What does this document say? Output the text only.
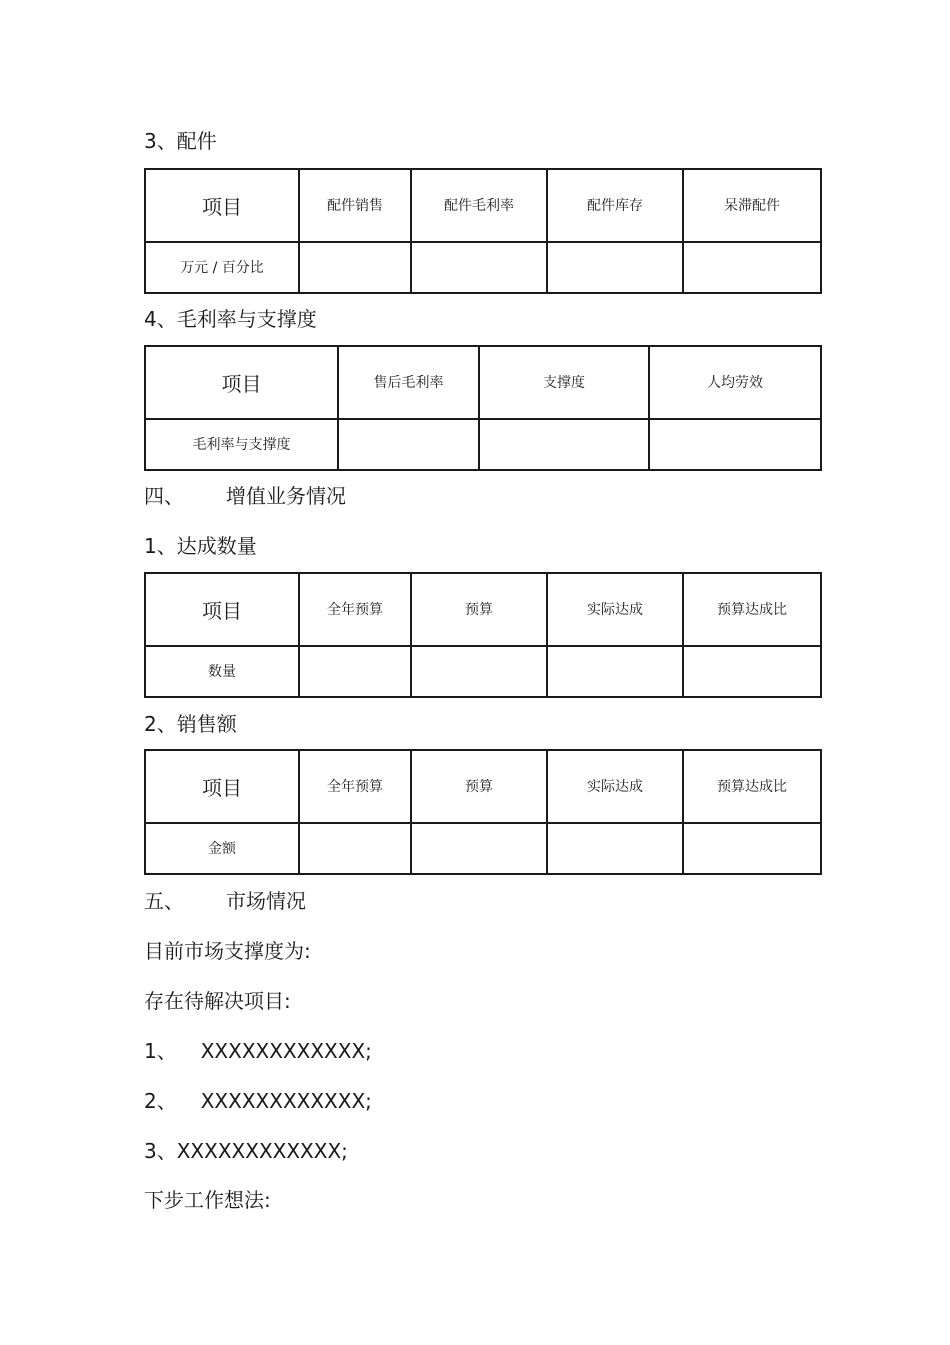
3、配件
项目	配件销售	配件毛利率	配件库存	呆滞配件
万元 / 百分比				
4、毛利率与支撑度
项目	售后毛利率	支撑度	人均劳效
毛利率与支撑度			
四、 增值业务情况
1、达成数量
项目	全年预算	预算	实际达成	预算达成比
数量				
2、销售额
项目	全年预算	预算	实际达成	预算达成比
金额				
五、 市场情况
目前市场支撑度为:
存在待解决项目:
1、 XXXXXXXXXXXX;
2、 XXXXXXXXXXXX;
3、XXXXXXXXXXXX;
下步工作想法:
